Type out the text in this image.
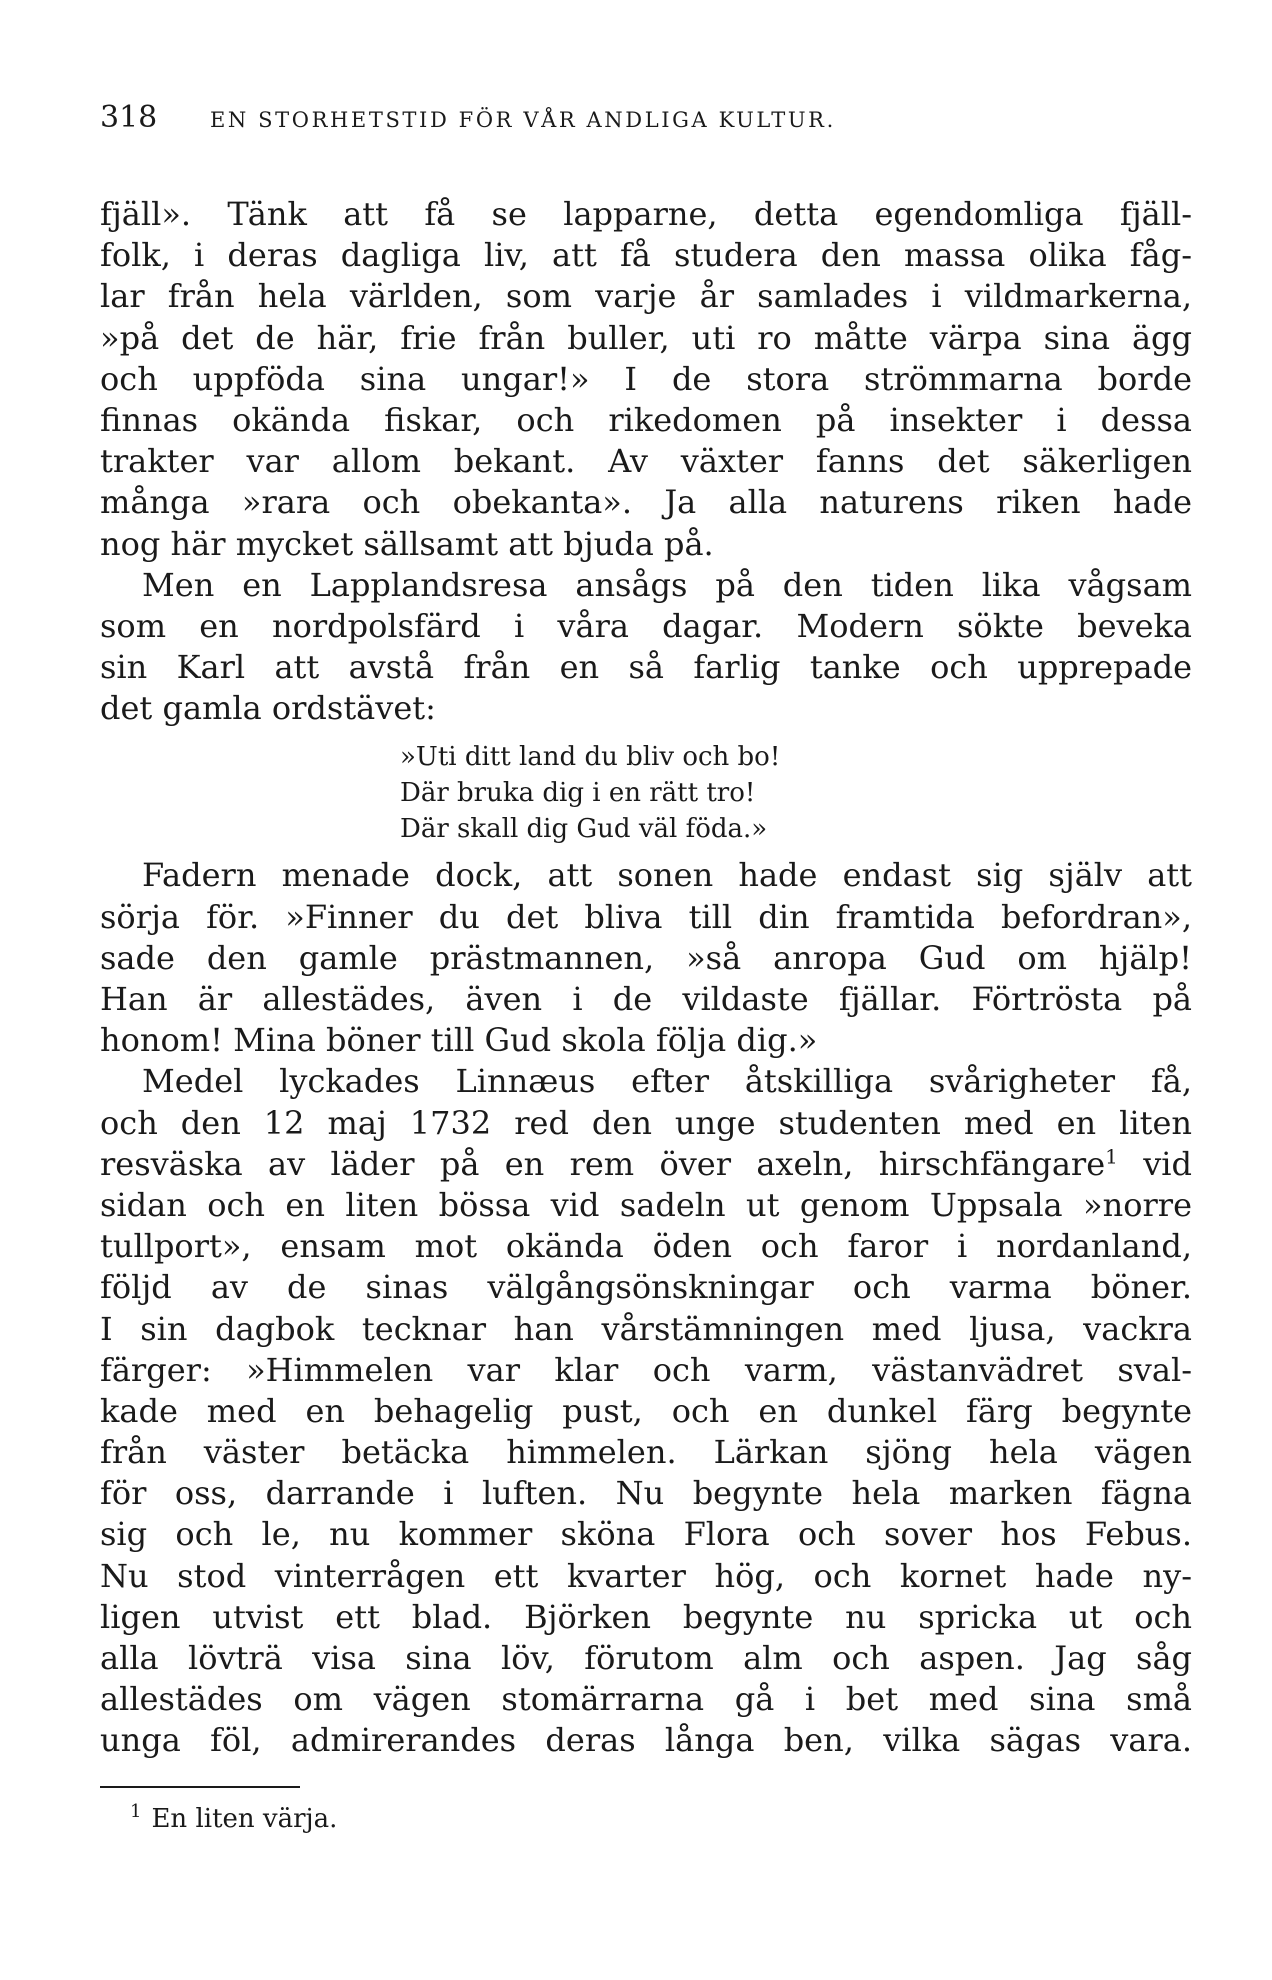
318	EN STORHETSTID FÖR VÅR ANDLIGA KULTUR.
fjäll». Tänk att få se lapparne, detta egendomliga fjäll-
folk, i deras dagliga liv, att få studera den massa olika fåg-
lar från hela världen, som varje år samlades i vildmarkerna,
»på det de här, frie från buller, uti ro måtte värpa sina ägg
och uppföda sina ungar!» I de stora strömmarna borde
finnas okända fiskar, och rikedomen på insekter i dessa
trakter var allom bekant. Av växter fanns det säkerligen
många »rara och obekanta». Ja alla naturens riken hade
nog här mycket sällsamt att bjuda på.
Men en Lapplandsresa ansågs på den tiden lika vågsam
som en nordpolsfärd i våra dagar. Modern sökte beveka
sin Karl att avstå från en så farlig tanke och upprepade
det gamla ordstävet:
»Uti ditt land du bliv och bo!
Där bruka dig i en rätt tro!
Där skall dig Gud väl föda.»
Fadern menade dock, att sonen hade endast sig själv att
sörja för. »Finner du det bliva till din framtida befordran»,
sade den gamle prästmannen, »så anropa Gud om hjälp!
Han är allestädes, även i de vildaste fjällar. Förtrösta på
honom! Mina böner till Gud skola följa dig.»
Medel lyckades Linnæus efter åtskilliga svårigheter få,
och den 12 maj 1732 red den unge studenten med en liten
resväska av läder på en rem över axeln, hirschfängare$^1$ vid
sidan och en liten bössa vid sadeln ut genom Uppsala »norre
tullport», ensam mot okända öden och faror i nordanland,
följd av de sinas välgångsönskningar och varma böner.
I sin dagbok tecknar han vårstämningen med ljusa, vackra
färger: »Himmelen var klar och varm, västanvädret sval-
kade med en behagelig pust, och en dunkel färg begynte
från väster betäcka himmelen. Lärkan sjöng hela vägen
för oss, darrande i luften. Nu begynte hela marken fägna
sig och le, nu kommer sköna Flora och sover hos Febus.
Nu stod vinterrågen ett kvarter hög, och kornet hade ny-
ligen utvist ett blad. Björken begynte nu spricka ut och
alla lövträ visa sina löv, förutom alm och aspen. Jag såg
allestädes om vägen stomärrarna gå i bet med sina små
unga föl, admirerandes deras långa ben, vilka sägas vara.
$^1$ En liten värja.
